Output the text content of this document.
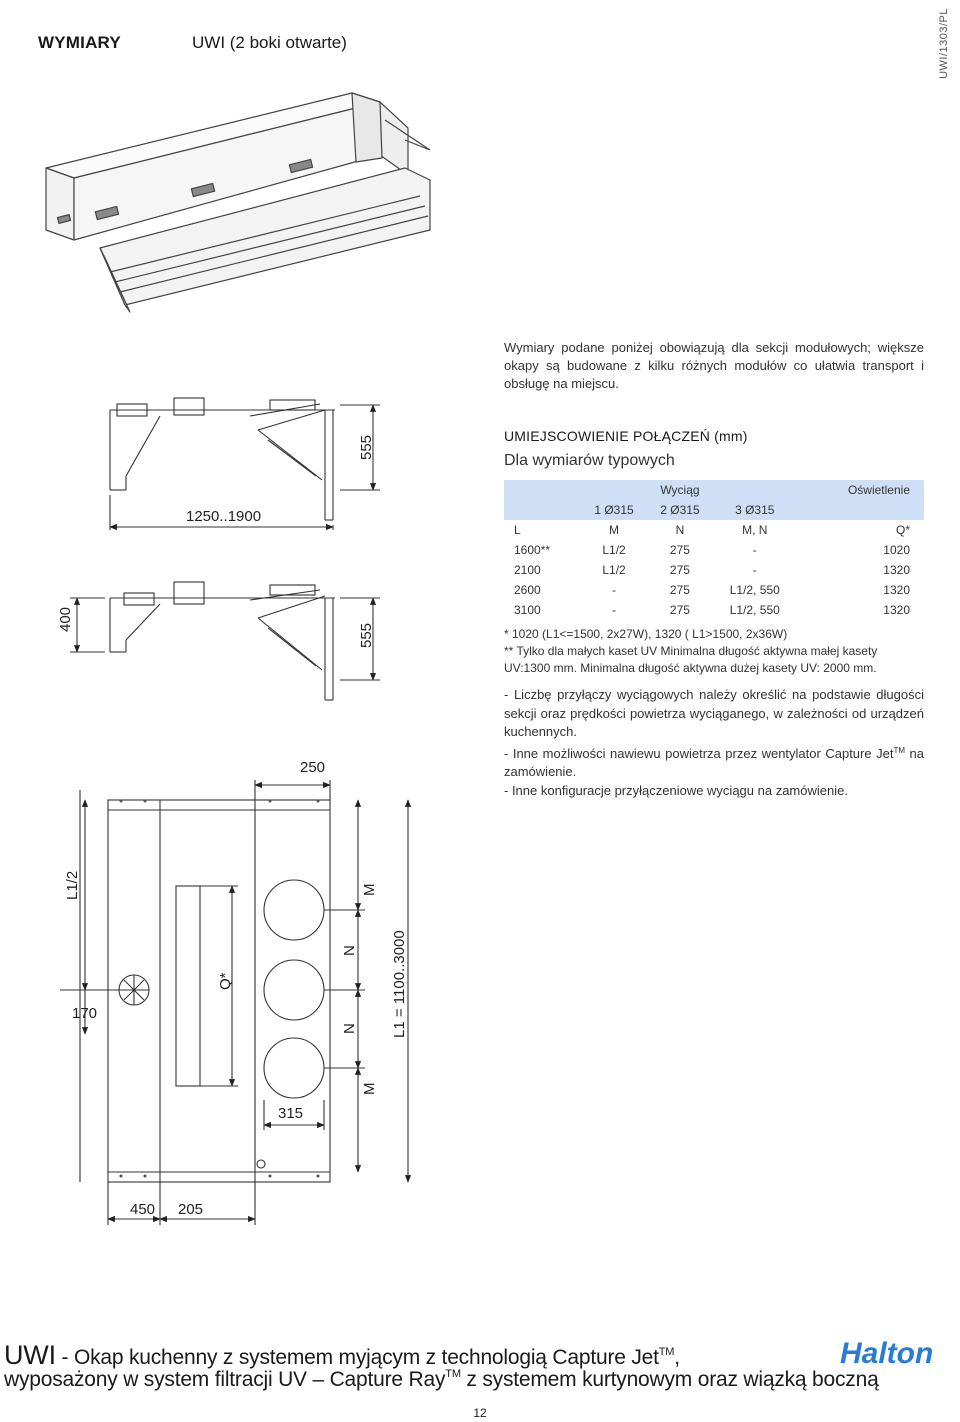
WYMIARY	UWI (2 boki otwarte)	UWI/1303/PL
Wymiary podane poniżej obowiązują dla sekcji modułowych; większe okapy są budowane z kilku różnych modułów co ułatwia transport i obsługę na miejscu.
555
1250..1900
400
555
250
L1/2	M
Q*
170
N
N L1 = 1100..3000
M
315
450 205
UMIEJSCOWIENIE POŁĄCZEŃ (mm)
Dla wymiarów typowych
		Wyciąg		Oświetlenie
	1 Ø315	2 Ø315	3 Ø315	
L	M	N	M, N	Q*
1600**	L1/2	275	-	1020
2100	L1/2	275	-	1320
2600	-	275	L1/2, 550	1320
3100	-	275	L1/2, 550	1320
* 1020 (L1<=1500, 2x27W), 1320 ( L1>1500, 2x36W)
** Tylko dla małych kaset UV Minimalna długość aktywna małej kasety UV:1300 mm. Minimalna długość aktywna dużej kasety UV: 2000 mm.

- Liczbę przyłączy wyciągowych należy określić na podstawie długości sekcji oraz prędkości powietrza wyciąganego, w zależności od urządzeń kuchennych.

- Inne możliwości nawiewu powietrza przez wentylator Capture Jet™ na zamówienie.

- Inne konfiguracje przyłączeniowe wyciągu na zamówienie.

UWI - Okap kuchenny z systemem myjącym z technologią Capture Jet™,
wyposażony w system filtracji UV – Capture Ray™ z systemem kurtynowym oraz wiązką boczną
Halton
12
